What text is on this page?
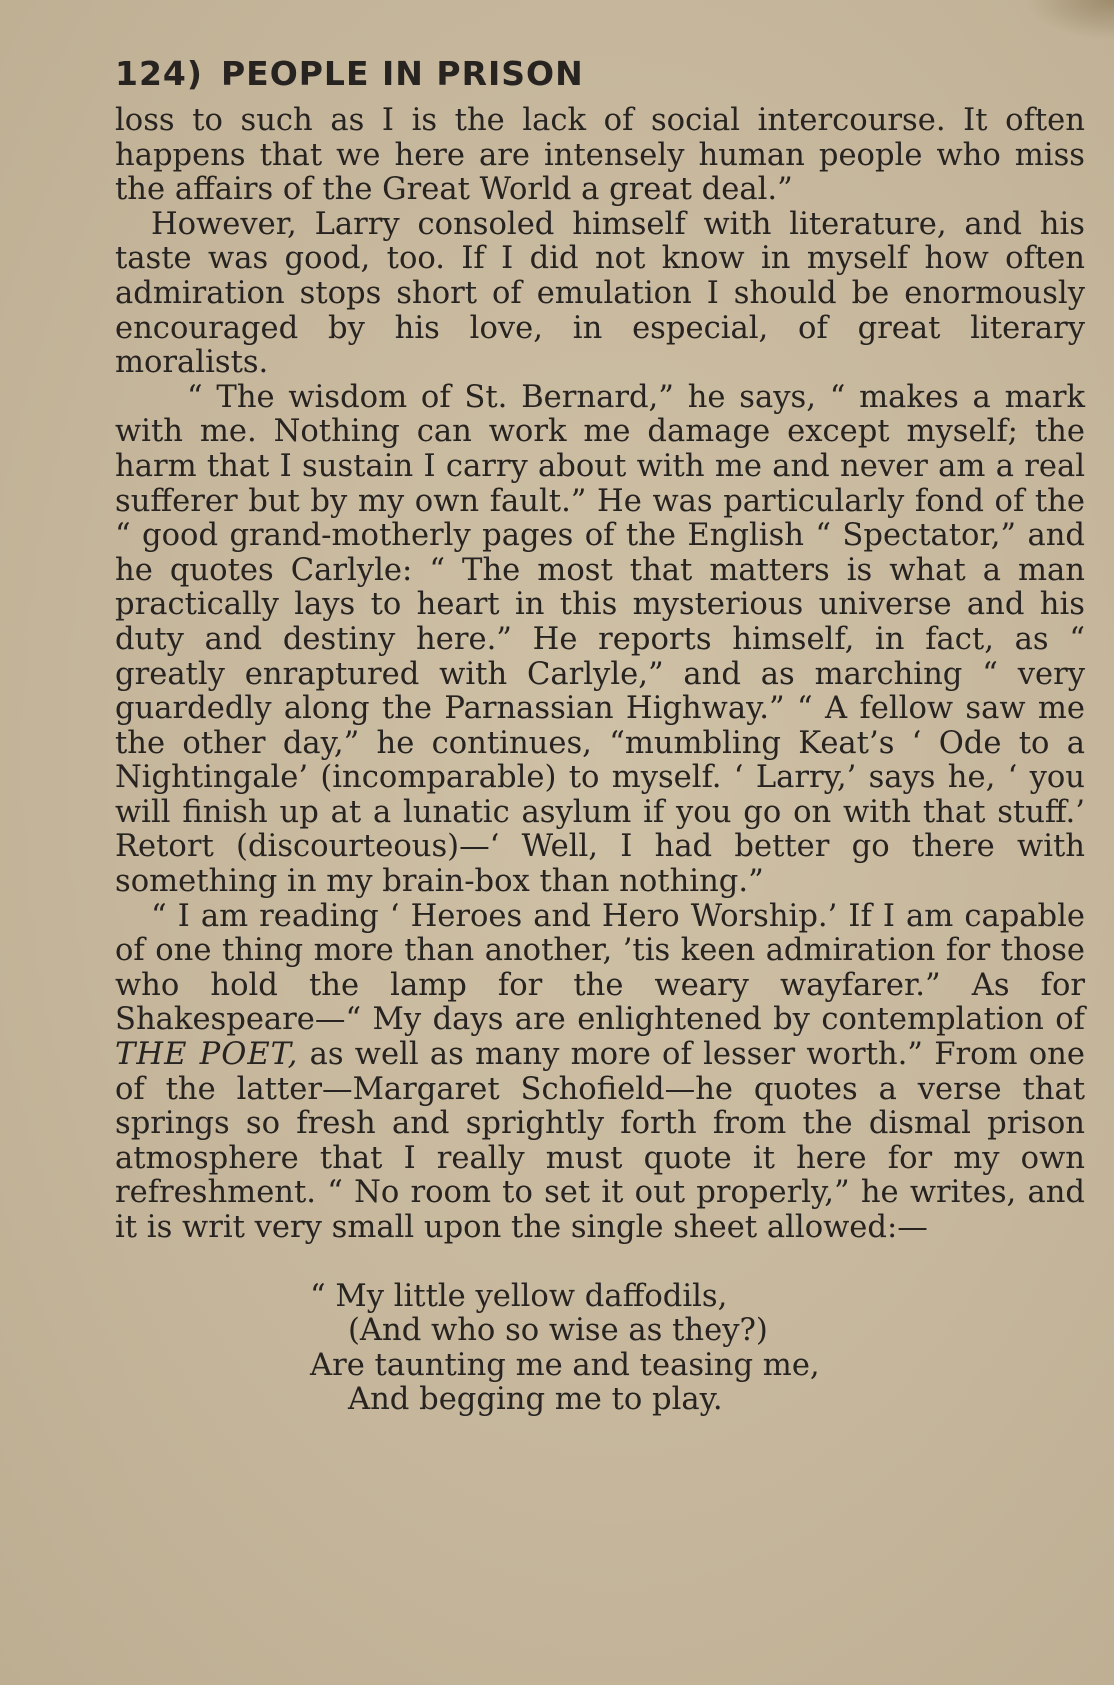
124) PEOPLE IN PRISON

loss to such as I is the lack of social intercourse. It often happens that we here are intensely human people who miss the affairs of the Great World a great deal.”

However, Larry consoled himself with literature, and his taste was good, too. If I did not know in myself how often admiration stops short of emulation I should be enormously encouraged by his love, in especial, of great literary moralists.

“ The wisdom of St. Bernard,” he says, “ makes a mark with me. Nothing can work me damage except myself; the harm that I sustain I carry about with me and never am a real sufferer but by my own fault.” He was particularly fond of the “ good grand-motherly pages of the English “ Spectator,” and he quotes Carlyle: “ The most that matters is what a man practically lays to heart in this mysterious universe and his duty and destiny here.” He reports himself, in fact, as “ greatly enraptured with Carlyle,” and as marching “ very guardedly along the Parnassian Highway.” “ A fellow saw me the other day,” he continues, “mumbling Keat’s ‘ Ode to a Nightingale’ (incomparable) to myself. ‘ Larry,’ says he, ‘ you will finish up at a lunatic asylum if you go on with that stuff.’ Retort (discourteous)—‘ Well, I had better go there with something in my brain-box than nothing.”

“ I am reading ‘ Heroes and Hero Worship.’ If I am capable of one thing more than another, ’tis keen admiration for those who hold the lamp for the weary wayfarer.” As for Shakespeare—“ My days are enlightened by contemplation of THE POET, as well as many more of lesser worth.” From one of the latter—Margaret Schofield—he quotes a verse that springs so fresh and sprightly forth from the dismal prison atmosphere that I really must quote it here for my own refreshment. “ No room to set it out properly,” he writes, and it is writ very small upon the single sheet allowed:—

“ My little yellow daffodils,
(And who so wise as they?)
Are taunting me and teasing me,
And begging me to play.
